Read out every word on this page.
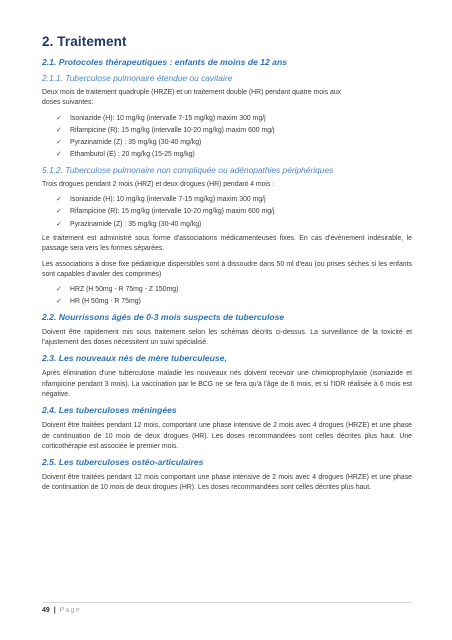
2. Traitement
2.1. Protocoles thérapeutiques : enfants de moins de 12 ans
2.1.1. Tuberculose pulmonaire étendue ou cavitaire

Deux mois de traitement quadruple (HRZE) et un traitement double (HR) pendant quatre mois aux doses suivantes:

✓ Isoniazide (H): 10 mg/kg (intervalle 7-15 mg/kg) maxim 300 mg/j
✓ Rifampicine (R): 15 mg/kg (intervalle 10-20 mg/kg) maxim 600 mg/j
✓ Pyrazinamide (Z) : 35 mg/kg (30-40 mg/kg)
✓ Ethambutol (E) : 20 mg/kg (15-25 mg/kg)
5.1.2. Tuberculose pulmonaire non compliquée ou adénopathies périphériques

Trois drogues pendant 2 mois (HRZ) et deux drogues (HR) pendant 4 mois :

✓ Isoniazide (H): 10 mg/kg (intervalle 7-15 mg/kg) maxim 300 mg/j
✓ Rifampicine (R): 15 mg/kg (intervalle 10-20 mg/kg) maxim 600 mg/j
✓ Pyrazinamide (Z) : 35 mg/kg (30-40 mg/kg)

Le traitement est administré sous forme d'associations médicamenteuses fixes. En cas d'évènement indésirable, le passage sera vers les formes séparées.

Les associations à dose fixe pédiatrique dispersibles sont à dissoudre dans 50 ml d'eau (ou prises sèches si les enfants sont capables d'avaler des comprimés)

✓ HRZ (H 50mg - R 75mg - Z 150mg)
✓ HR (H 50mg - R 75mg)
2.2. Nourrissons âgés de 0-3 mois suspects de tuberculose

Doivent être rapidement mis sous traitement selon les schémas décrits ci-dessus. La surveillance de la toxicité et l'ajustement des doses nécessitent un suivi spécialisé.

2.3. Les nouveaux nés de mère tuberculeuse,

Après élimination d'une tuberculose maladie les nouveaux nés doivent recevoir une chimioprophylaxie (isoniazide et rifampicine pendant 3 mois). La vaccination par le BCG ne se fera qu'à l'âge de 6 mois, et si l'IDR réalisée à 6 mois est négative.

2.4. Les tuberculoses méningées

Doivent être traitées pendant 12 mois, comportant une phase intensive de 2 mois avec 4 drogues (HRZE) et une phase de continuation de 10 mois de deux drogues (HR). Les doses recommandées sont celles décrites plus haut. Une corticothérapie est associée le premier mois.

2.5. Les tuberculoses ostéo-articulaires

Doivent être traitées pendant 12 mois comportant une phase intensive de 2 mois avec 4 drogues (HRZE) et une phase de continuation de 10 mois de deux drogues (HR). Les doses recommandées sont celles décrites plus haut.

49 | Page
